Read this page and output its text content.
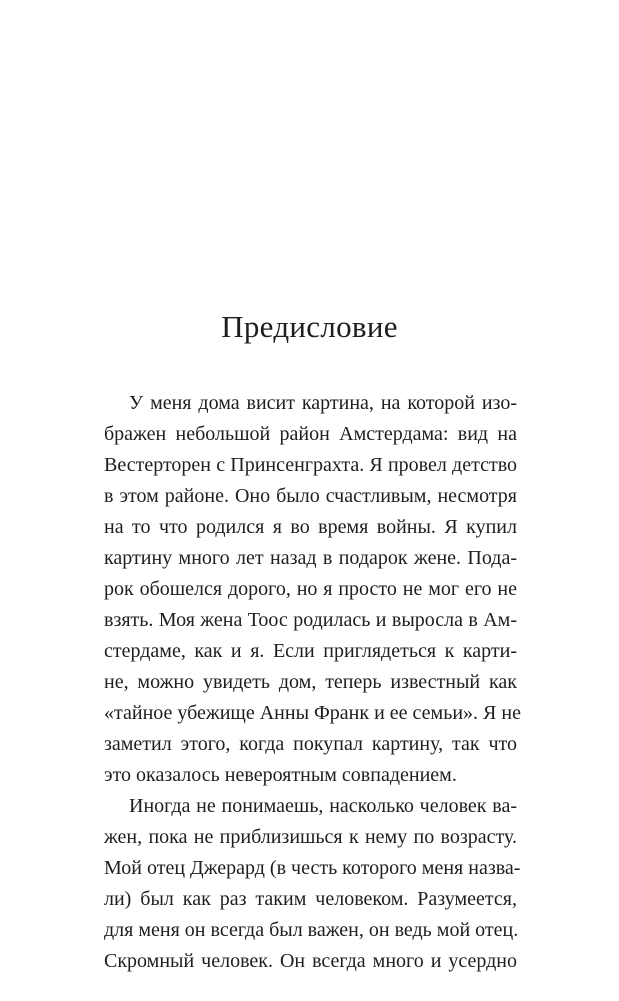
Предисловие
У меня дома висит картина, на которой изо-
бражен небольшой район Амстердама: вид на
Вестерторен с Принсенграхта. Я провел детство
в этом районе. Оно было счастливым, несмотря
на то что родился я во время войны. Я купил
картину много лет назад в подарок жене. Пода-
рок обошелся дорого, но я просто не мог его не
взять. Моя жена Тоос родилась и выросла в Ам-
стердаме, как и я. Если приглядеться к карти-
не, можно увидеть дом, теперь известный как
«тайное убежище Анны Франк и ее семьи». Я не
заметил этого, когда покупал картину, так что
это оказалось невероятным совпадением.
Иногда не понимаешь, насколько человек ва-
жен, пока не приблизишься к нему по возрасту.
Мой отец Джерард (в честь которого меня назва-
ли) был как раз таким человеком. Разумеется,
для меня он всегда был важен, он ведь мой отец.
Скромный человек. Он всегда много и усердно
